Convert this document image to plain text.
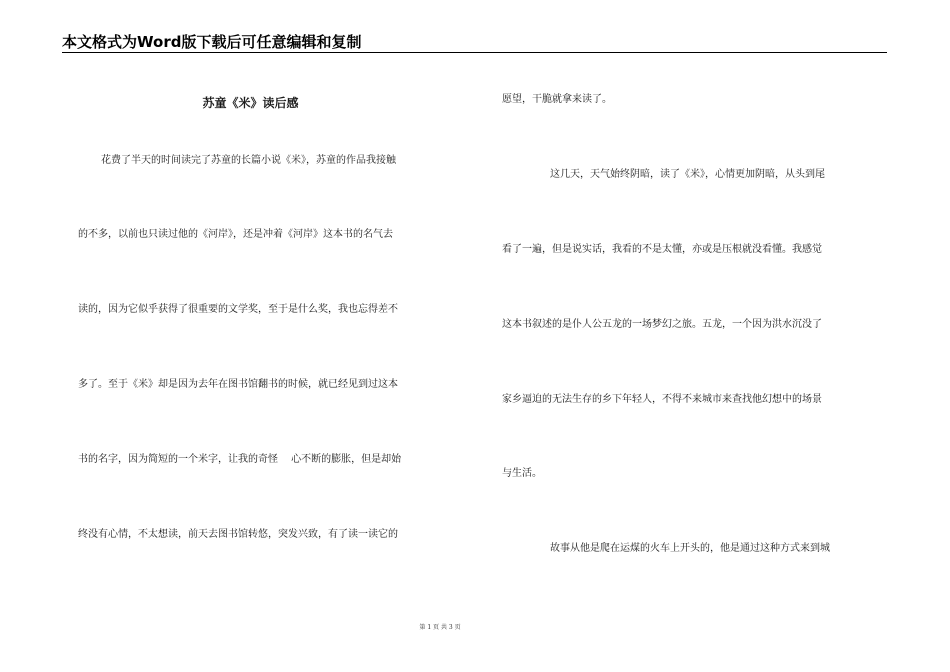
本文格式为Word版下载后可任意编辑和复制
苏童《米》读后感
花费了半天的时间读完了苏童的长篇小说《米》，苏童的作品我接触
的不多，以前也只读过他的《河岸》，还是冲着《河岸》这本书的名气去
读的，因为它似乎获得了很重要的文学奖，至于是什么奖，我也忘得差不
多了。至于《米》却是因为去年在图书馆翻书的时候，就已经见到过这本
书的名字，因为简短的一个米字，让我的奇怪　 心不断的膨胀，但是却始
终没有心情，不太想读，前天去图书馆转悠，突发兴致，有了读一读它的
愿望，干脆就拿来读了。
这几天，天气始终阴暗，读了《米》，心情更加阴暗，从头到尾
看了一遍，但是说实话，我看的不是太懂，亦或是压根就没看懂。我感觉
这本书叙述的是仆人公五龙的一场梦幻之旅。五龙，一个因为洪水沉没了
家乡逼迫的无法生存的乡下年轻人，不得不来城市来查找他幻想中的场景
与生活。
故事从他是爬在运煤的火车上开头的，他是通过这种方式来到城
第 1 页 共 3 页
